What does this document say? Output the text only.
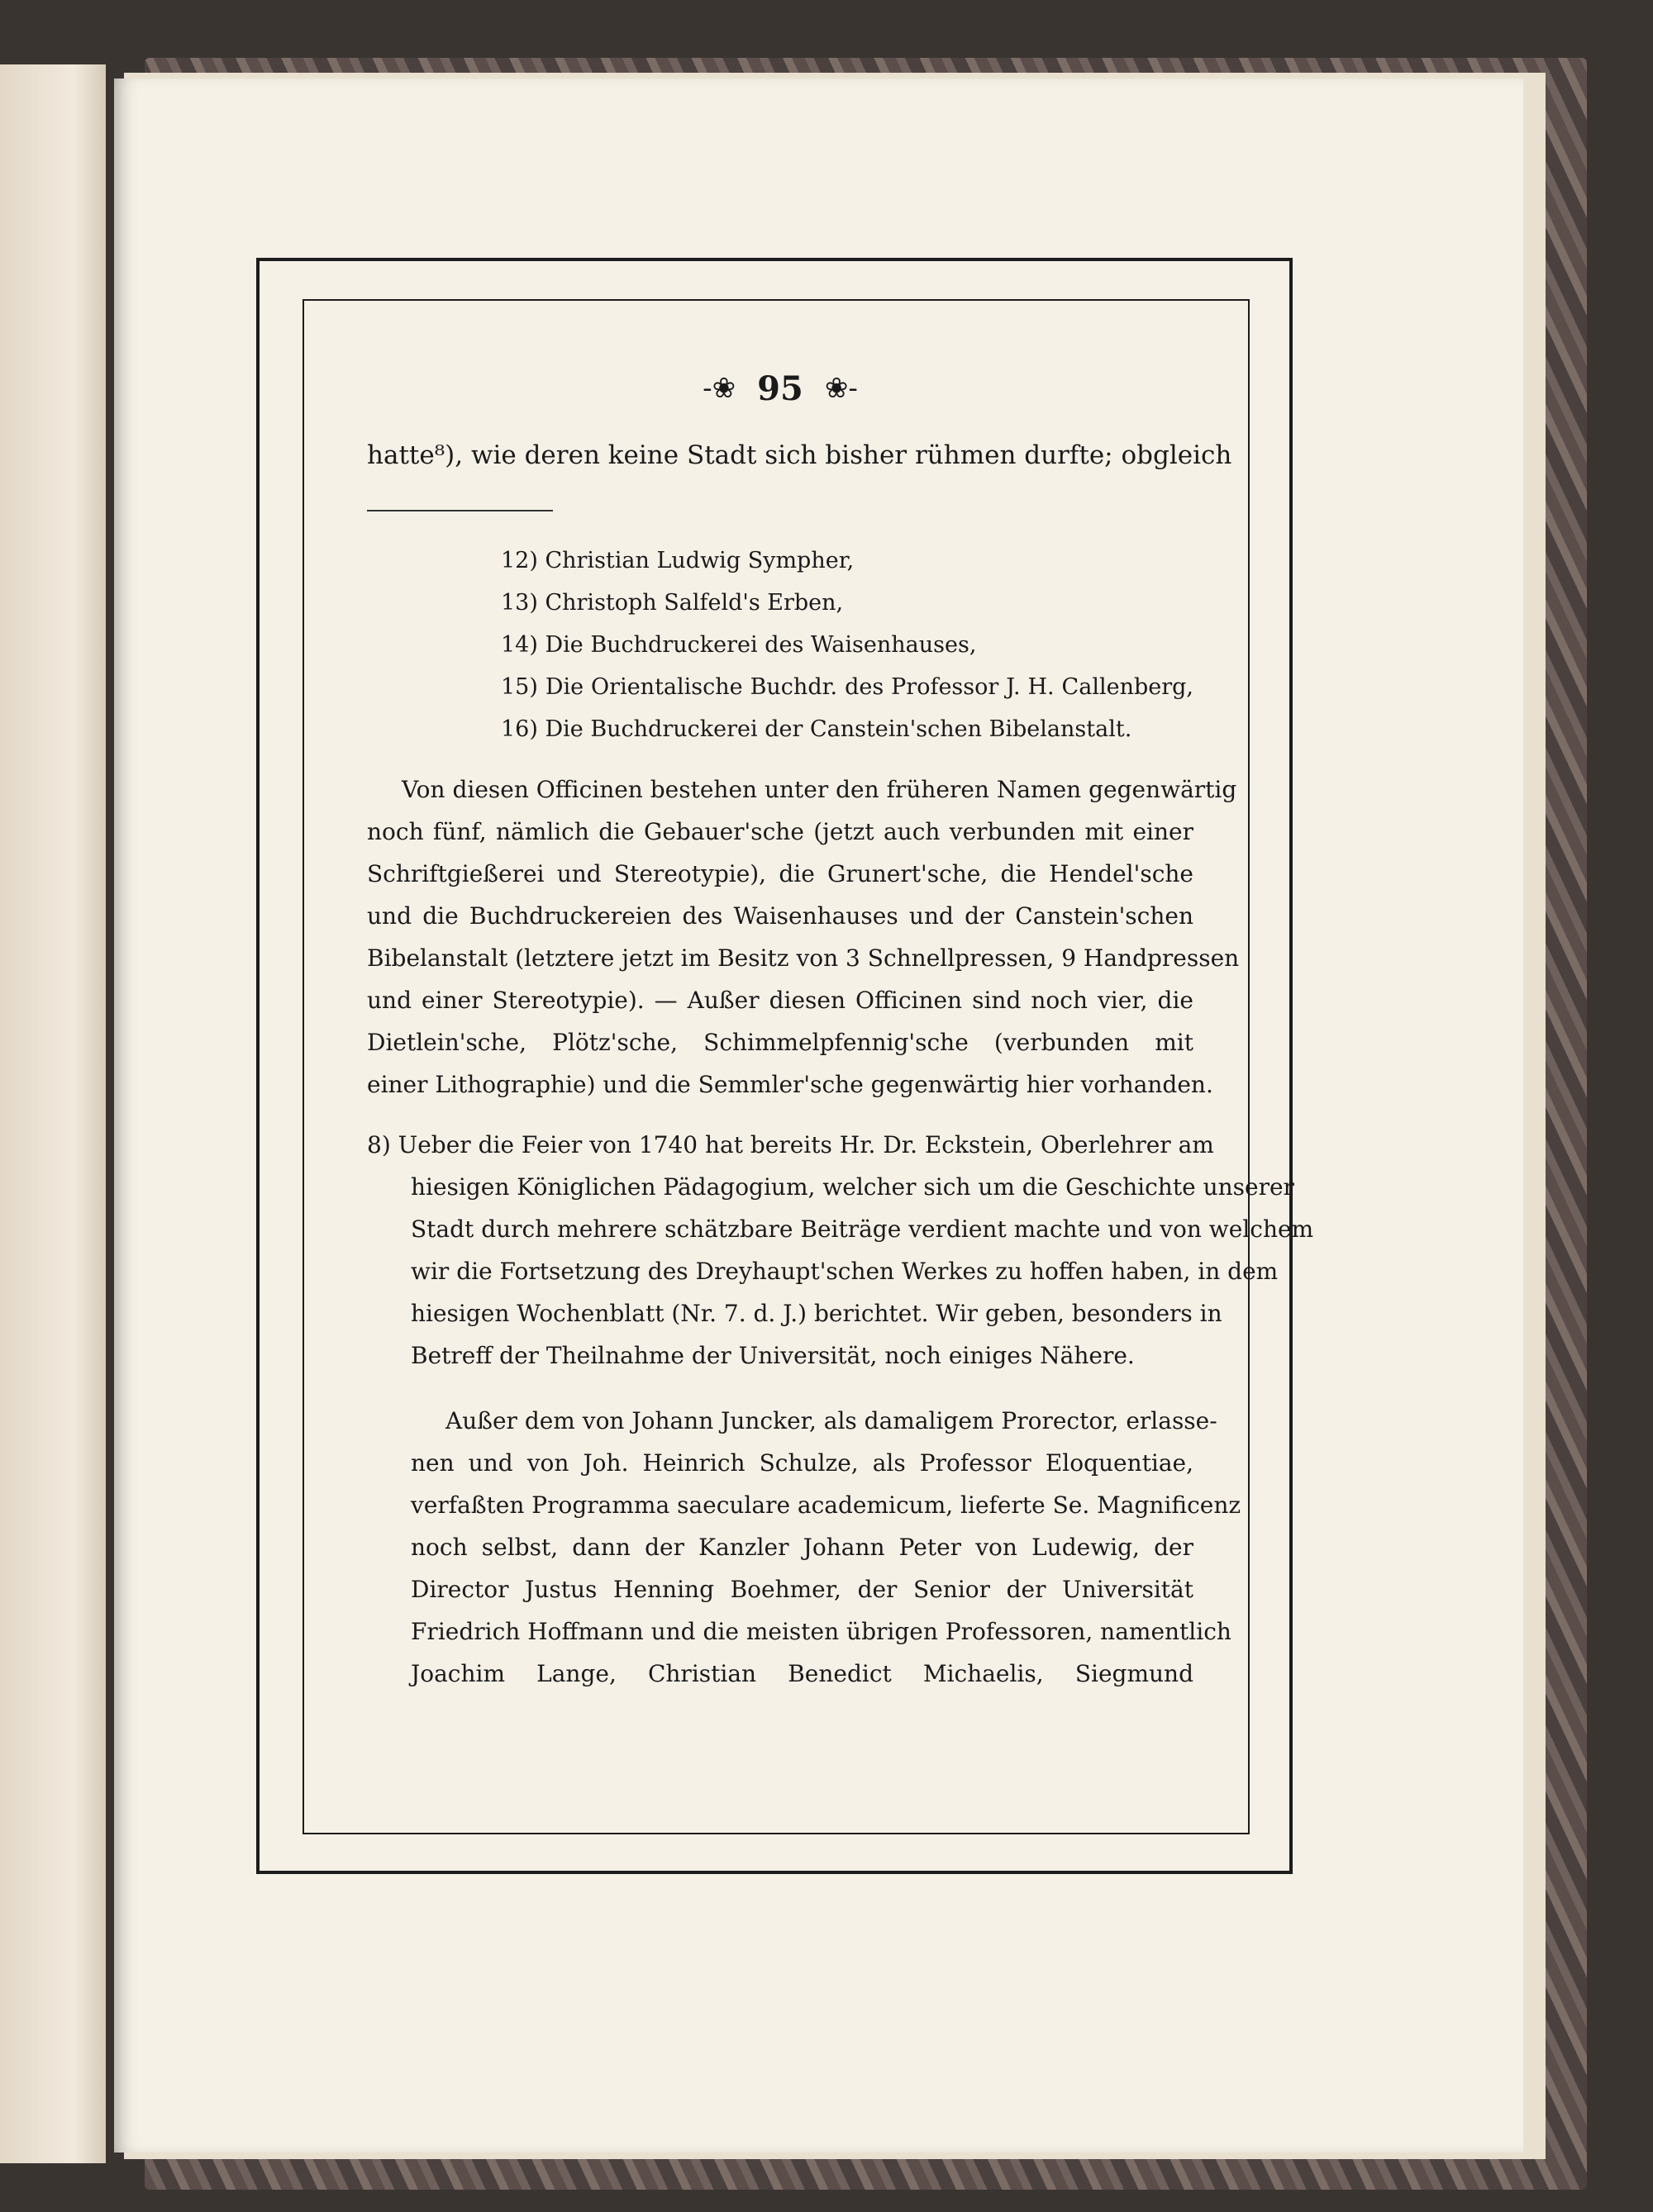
-❀ 95 ❀-
hatte⁸), wie deren keine Stadt sich bisher rühmen durfte; obgleich
12) Christian Ludwig Sympher,
13) Christoph Salfeld's Erben,
14) Die Buchdruckerei des Waisenhauses,
15) Die Orientalische Buchdr. des Professor J. H. Callenberg,
16) Die Buchdruckerei der Canstein'schen Bibelanstalt.
Von diesen Officinen bestehen unter den früheren Namen gegenwärtig
noch fünf, nämlich die Gebauer'sche (jetzt auch verbunden mit einer
Schriftgießerei und Stereotypie), die Grunert'sche, die Hendel'sche
und die Buchdruckereien des Waisenhauses und der Canstein'schen
Bibelanstalt (letztere jetzt im Besitz von 3 Schnellpressen, 9 Handpressen
und einer Stereotypie). — Außer diesen Officinen sind noch vier, die
Dietlein'sche, Plötz'sche, Schimmelpfennig'sche (verbunden mit
einer Lithographie) und die Semmler'sche gegenwärtig hier vorhanden.
8) Ueber die Feier von 1740 hat bereits Hr. Dr. Eckstein, Oberlehrer am
hiesigen Königlichen Pädagogium, welcher sich um die Geschichte unserer
Stadt durch mehrere schätzbare Beiträge verdient machte und von welchem
wir die Fortsetzung des Dreyhaupt'schen Werkes zu hoffen haben, in dem
hiesigen Wochenblatt (Nr. 7. d. J.) berichtet. Wir geben, besonders in
Betreff der Theilnahme der Universität, noch einiges Nähere.
Außer dem von Johann Juncker, als damaligem Prorector, erlasse-
nen und von Joh. Heinrich Schulze, als Professor Eloquentiae,
verfaßten Programma saeculare academicum, lieferte Se. Magnificenz
noch selbst, dann der Kanzler Johann Peter von Ludewig, der
Director Justus Henning Boehmer, der Senior der Universität
Friedrich Hoffmann und die meisten übrigen Professoren, namentlich
Joachim Lange, Christian Benedict Michaelis, Siegmund
